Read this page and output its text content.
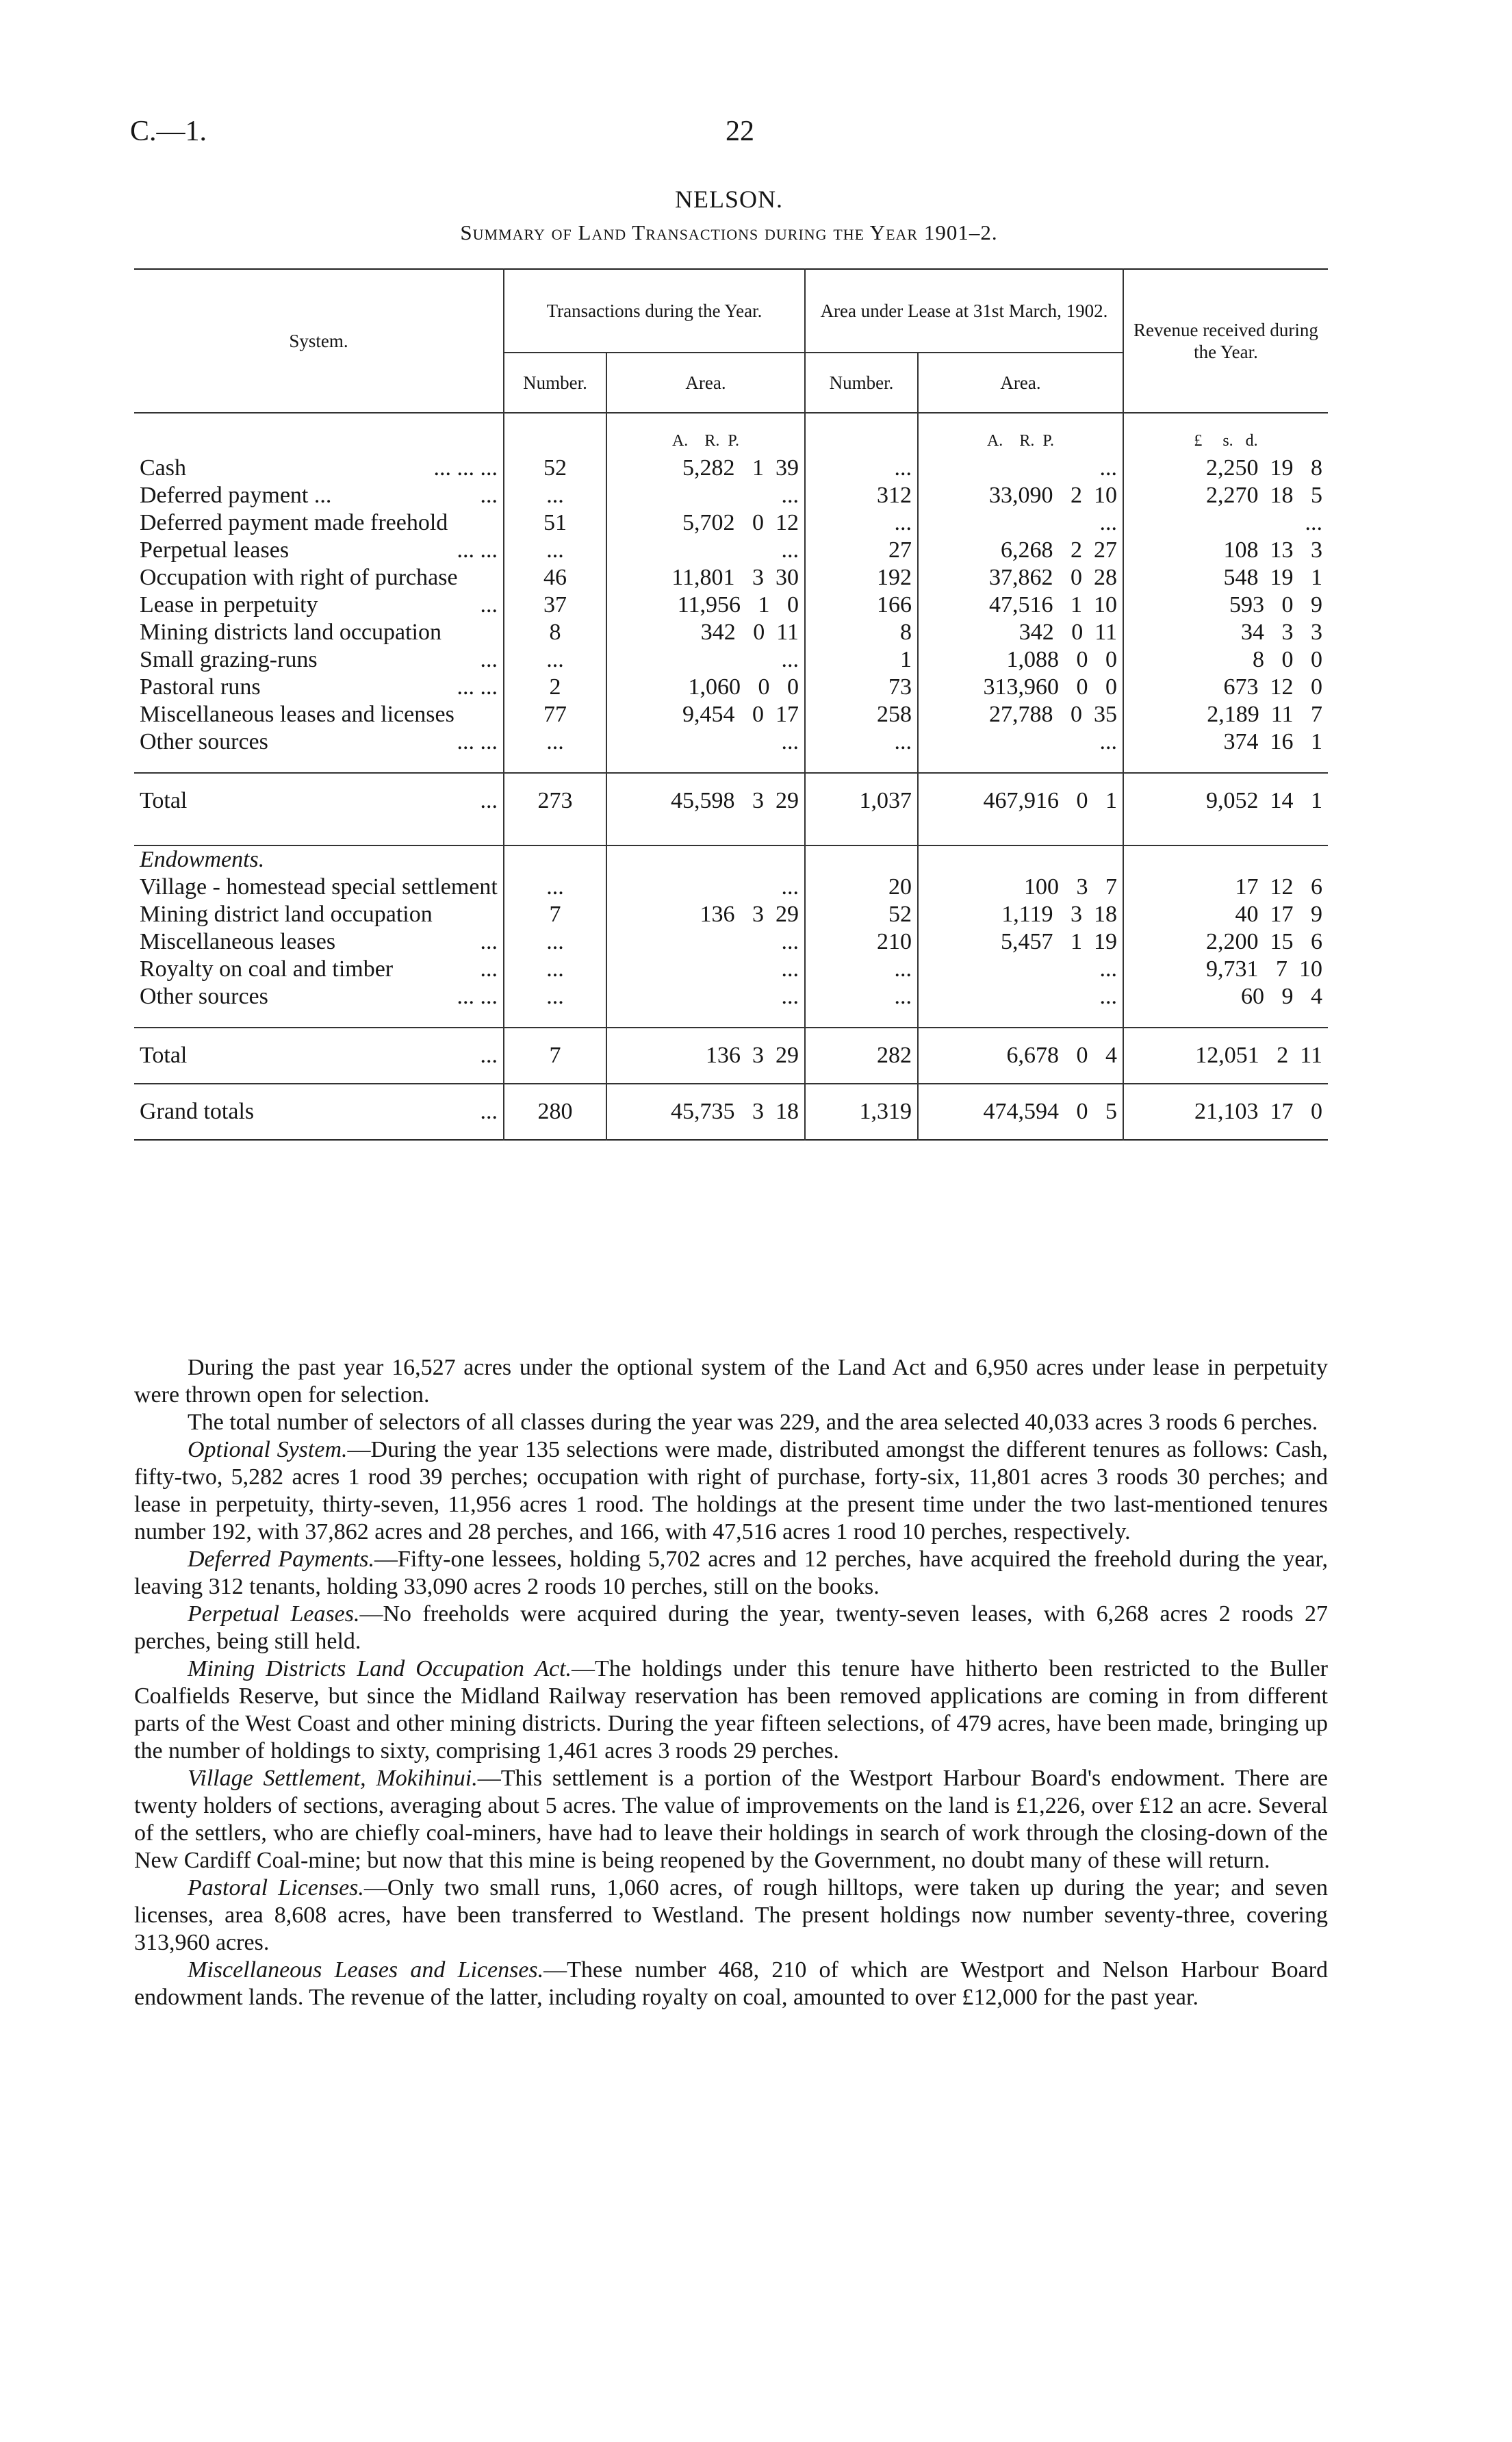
C.—1.	22
NELSON.
Summary of Land Transactions during the Year 1901–2.
System.	Transactions during the Year.		Area under Lease at 31st March, 1902.		Revenue received during the Year.
	Number.	Area.	Number.	Area.	
		A. R. P.		A. R. P.	£ s. d.
Cash ... ... ...	52	5,282   1  39	...	...	2,250  19   8
Deferred payment ... ...	...	...	312	33,090   2  10	2,270  18   5
Deferred payment made freehold	51	5,702   0  12	...	...	...
Perpetual leases ... ...	...	...	27	6,268   2  27	108  13   3
Occupation with right of purchase	46	11,801   3  30	192	37,862   0  28	548  19   1
Lease in perpetuity ...	37	11,956   1   0	166	47,516   1  10	593   0   9
Mining districts land occupation	8	342   0  11	8	342   0  11	34   3   3
Small grazing-runs ...	...	...	1	1,088   0   0	8   0   0
Pastoral runs ... ...	2	1,060   0   0	73	313,960   0   0	673  12   0
Miscellaneous leases and licenses	77	9,454   0  17	258	27,788   0  35	2,189  11   7
Other sources ... ...	...	...	...	...	374  16   1

Total ...	273	45,598   3  29	1,037	467,916   0   1	9,052  14   1

Endowments.					
Village - homestead special settlement	...	...	20	100   3   7	17  12   6
Mining district land occupation	7	136   3  29	52	1,119   3  18	40  17   9
Miscellaneous leases ...	...	...	210	5,457   1  19	2,200  15   6
Royalty on coal and timber ...	...	...	...	...	9,731   7  10
Other sources ... ...	...	...	...	...	60   9   4

Total ...	7	136  3  29	282	6,678   0   4	12,051   2  11
Grand totals ...	280	45,735   3  18	1,319	474,594   0   5	21,103  17   0

During the past year 16,527 acres under the optional system of the Land Act and 6,950 acres under lease in perpetuity were thrown open for selection.

The total number of selectors of all classes during the year was 229, and the area selected 40,033 acres 3 roods 6 perches.

Optional System.—During the year 135 selections were made, distributed amongst the different tenures as follows: Cash, fifty-two, 5,282 acres 1 rood 39 perches; occupation with right of purchase, forty-six, 11,801 acres 3 roods 30 perches; and lease in perpetuity, thirty-seven, 11,956 acres 1 rood. The holdings at the present time under the two last-mentioned tenures number 192, with 37,862 acres and 28 perches, and 166, with 47,516 acres 1 rood 10 perches, respectively.

Deferred Payments.—Fifty-one lessees, holding 5,702 acres and 12 perches, have acquired the freehold during the year, leaving 312 tenants, holding 33,090 acres 2 roods 10 perches, still on the books.

Perpetual Leases.—No freeholds were acquired during the year, twenty-seven leases, with 6,268 acres 2 roods 27 perches, being still held.

Mining Districts Land Occupation Act.—The holdings under this tenure have hitherto been restricted to the Buller Coalfields Reserve, but since the Midland Railway reservation has been removed applications are coming in from different parts of the West Coast and other mining districts. During the year fifteen selections, of 479 acres, have been made, bringing up the number of holdings to sixty, comprising 1,461 acres 3 roods 29 perches.

Village Settlement, Mokihinui.—This settlement is a portion of the Westport Harbour Board's endowment. There are twenty holders of sections, averaging about 5 acres. The value of improvements on the land is £1,226, over £12 an acre. Several of the settlers, who are chiefly coal-miners, have had to leave their holdings in search of work through the closing-down of the New Cardiff Coal-mine; but now that this mine is being reopened by the Government, no doubt many of these will return.

Pastoral Licenses.—Only two small runs, 1,060 acres, of rough hilltops, were taken up during the year; and seven licenses, area 8,608 acres, have been transferred to Westland. The present holdings now number seventy-three, covering 313,960 acres.

Miscellaneous Leases and Licenses.—These number 468, 210 of which are Westport and Nelson Harbour Board endowment lands. The revenue of the latter, including royalty on coal, amounted to over £12,000 for the past year.
